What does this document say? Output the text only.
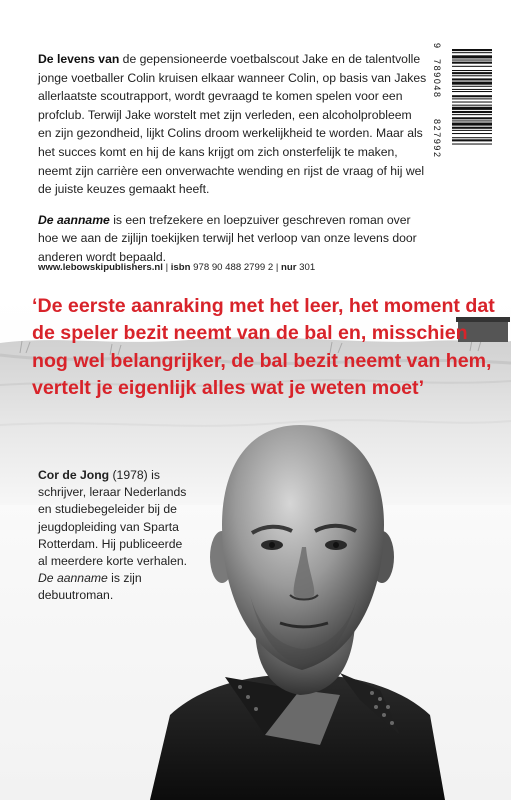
De levens van de gepensioneerde voetbalscout Jake en de talentvolle jonge voetballer Colin kruisen elkaar wanneer Colin, op basis van Jakes allerlaatste scoutrapport, wordt gevraagd te komen spelen voor een profclub. Terwijl Jake worstelt met zijn verleden, een alcoholprobleem en zijn gezondheid, lijkt Colins droom werkelijkheid te worden. Maar als het succes komt en hij de kans krijgt om zich onsterfelijk te maken, neemt zijn carrière een onverwachte wending en rijst de vraag of hij wel de juiste keuzes gemaakt heeft.

De aanname is een trefzekere en loepzuiver geschreven roman over hoe we aan de zijlijn toekijken terwijl het verloop van onze levens door anderen wordt bepaald.

www.lebowskipublishers.nl | isbn 978 90 488 2799 2 | nur 301
‘De eerste aanraking met het leer, het moment dat de speler bezit neemt van de bal en, misschien nog wel belangrijker, de bal bezit neemt van hem, vertelt je eigenlijk alles wat je weten moet’
Cor de Jong (1978) is schrijver, leraar Nederlands en studiebegeleider bij de jeugdopleiding van Sparta Rotterdam. Hij publiceerde al meerdere korte verhalen. De aanname is zijn debuutroman.
9
789048
827992
